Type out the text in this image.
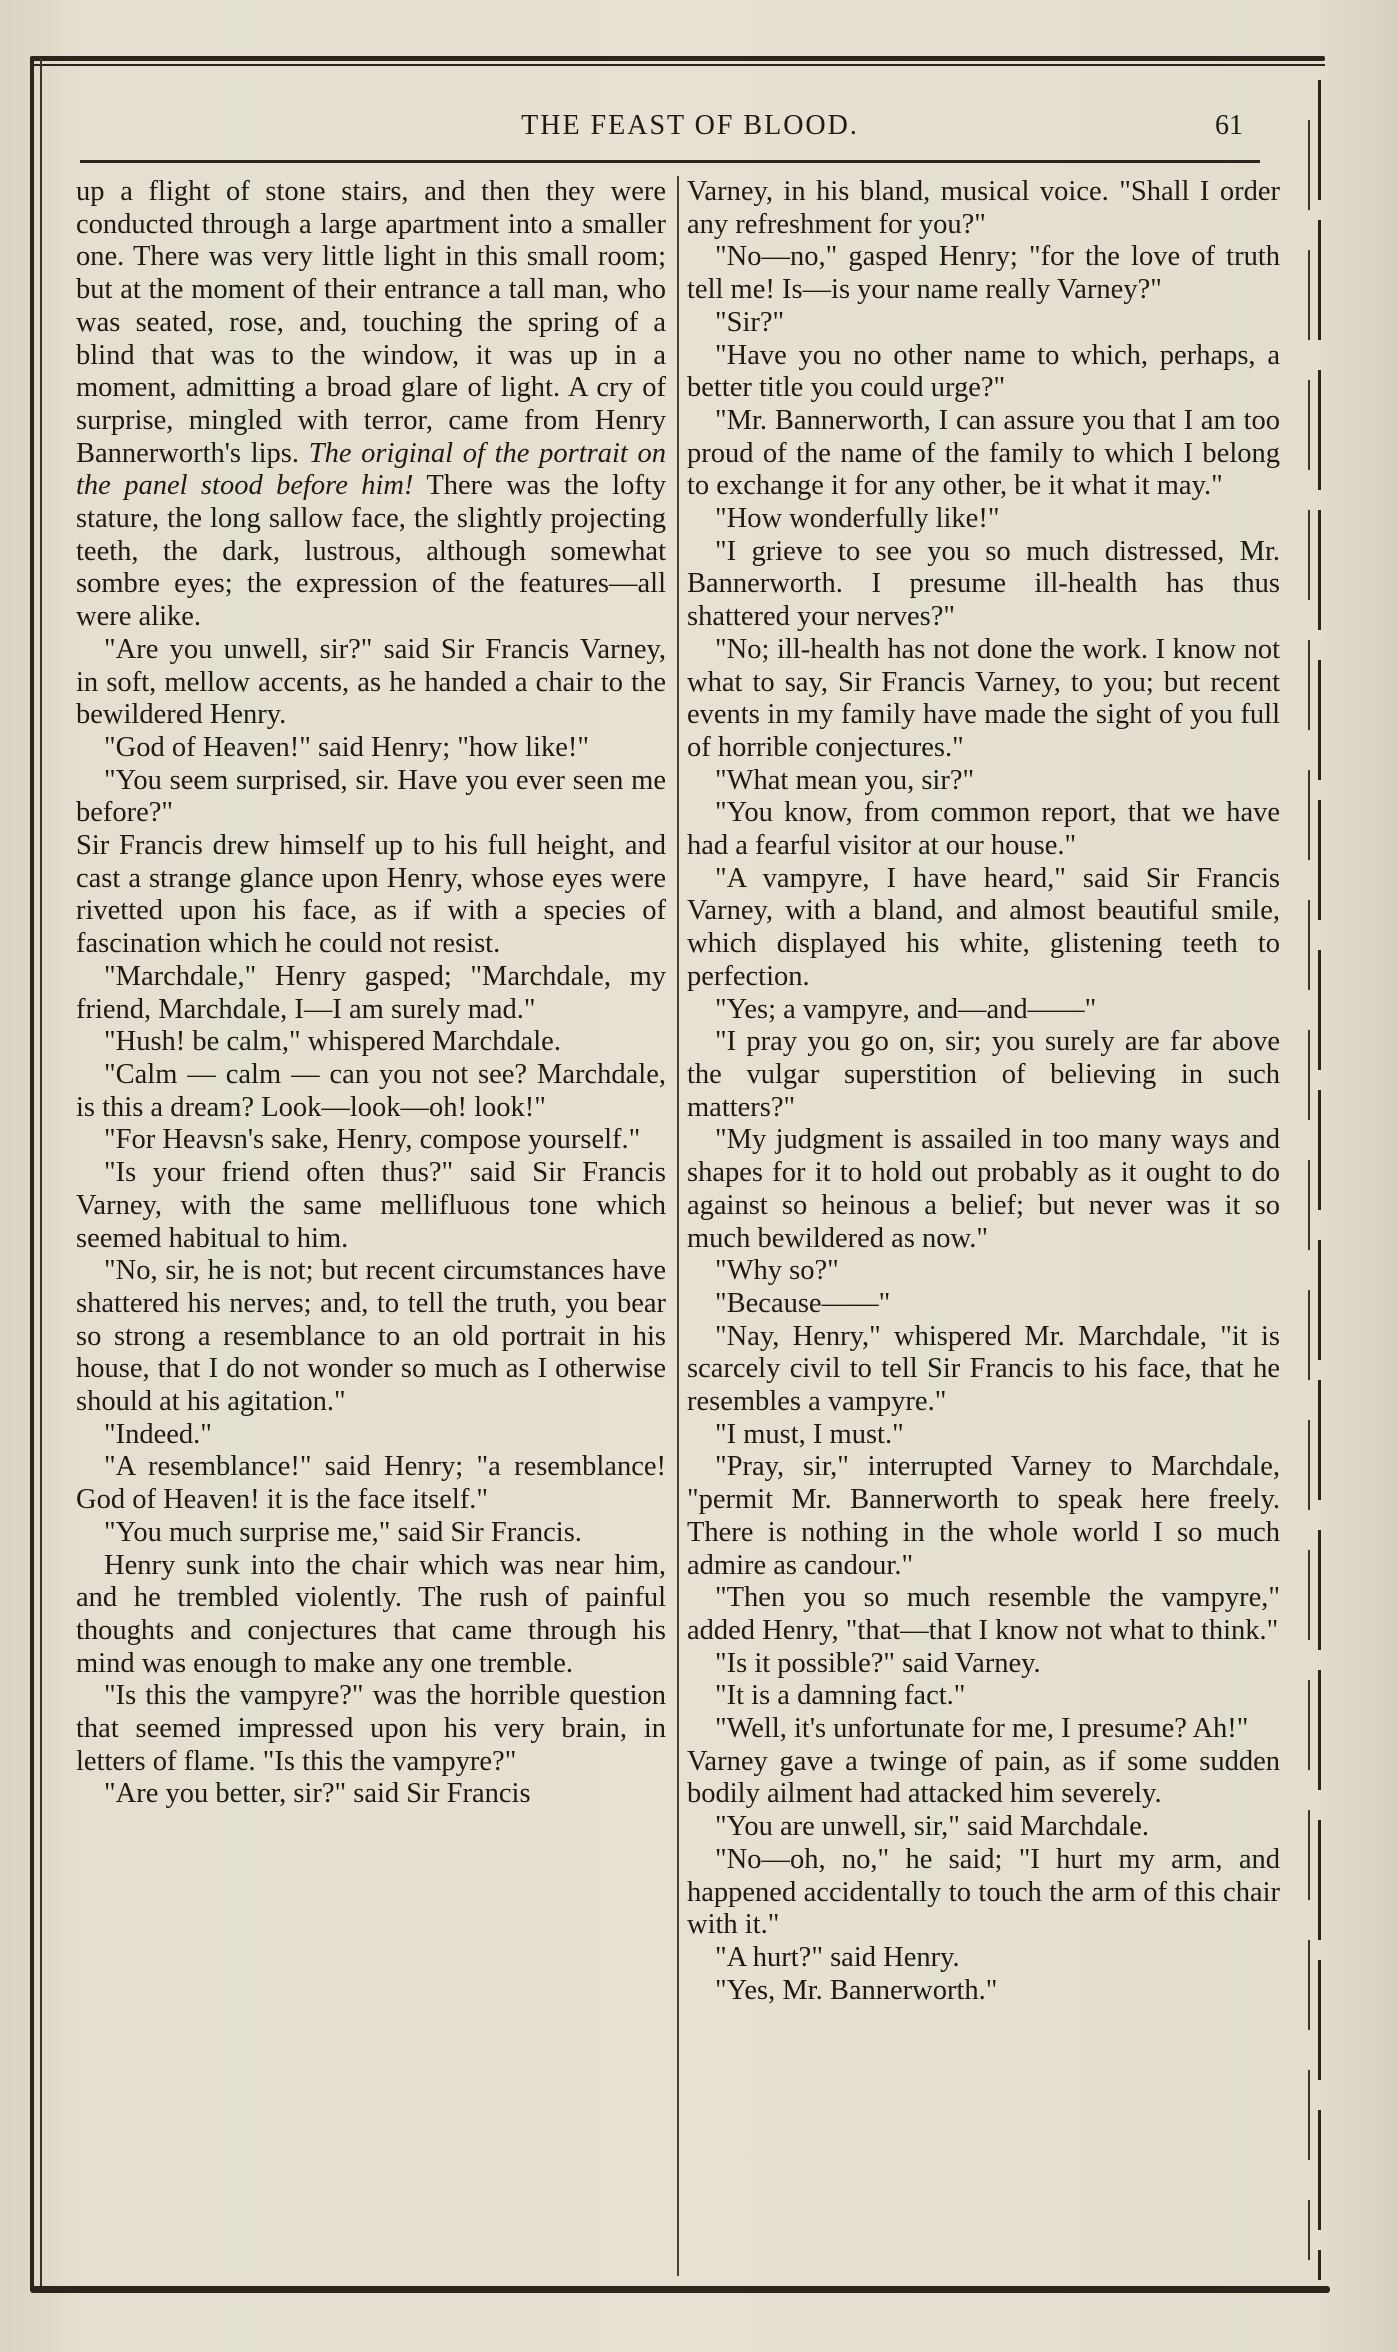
THE FEAST OF BLOOD.	61

up a flight of stone stairs, and then they were conducted through a large apartment into a smaller one. There was very little light in this small room; but at the moment of their entrance a tall man, who was seated, rose, and, touching the spring of a blind that was to the window, it was up in a moment, admitting a broad glare of light. A cry of surprise, mingled with terror, came from Henry Bannerworth's lips. The original of the portrait on the panel stood before him! There was the lofty stature, the long sallow face, the slightly projecting teeth, the dark, lustrous, although somewhat sombre eyes; the expression of the features—all were alike.

"Are you unwell, sir?" said Sir Francis Varney, in soft, mellow accents, as he handed a chair to the bewildered Henry.

"God of Heaven!" said Henry; "how like!"

"You seem surprised, sir. Have you ever seen me before?"

Sir Francis drew himself up to his full height, and cast a strange glance upon Henry, whose eyes were rivetted upon his face, as if with a species of fascination which he could not resist.

"Marchdale," Henry gasped; "Marchdale, my friend, Marchdale, I—I am surely mad."

"Hush! be calm," whispered Marchdale.

"Calm — calm — can you not see? Marchdale, is this a dream? Look—look—oh! look!"

"For Heavsn's sake, Henry, compose yourself."

"Is your friend often thus?" said Sir Francis Varney, with the same mellifluous tone which seemed habitual to him.

"No, sir, he is not; but recent circumstances have shattered his nerves; and, to tell the truth, you bear so strong a resemblance to an old portrait in his house, that I do not wonder so much as I otherwise should at his agitation."

"Indeed."

"A resemblance!" said Henry; "a resemblance! God of Heaven! it is the face itself."

"You much surprise me," said Sir Francis.

Henry sunk into the chair which was near him, and he trembled violently. The rush of painful thoughts and conjectures that came through his mind was enough to make any one tremble.

"Is this the vampyre?" was the horrible question that seemed impressed upon his very brain, in letters of flame. "Is this the vampyre?"

"Are you better, sir?" said Sir Francis

Varney, in his bland, musical voice. "Shall I order any refreshment for you?"

"No—no," gasped Henry; "for the love of truth tell me! Is—is your name really Varney?"

"Sir?"

"Have you no other name to which, perhaps, a better title you could urge?"

"Mr. Bannerworth, I can assure you that I am too proud of the name of the family to which I belong to exchange it for any other, be it what it may."

"How wonderfully like!"

"I grieve to see you so much distressed, Mr. Bannerworth. I presume ill-health has thus shattered your nerves?"

"No; ill-health has not done the work. I know not what to say, Sir Francis Varney, to you; but recent events in my family have made the sight of you full of horrible conjectures."

"What mean you, sir?"

"You know, from common report, that we have had a fearful visitor at our house."

"A vampyre, I have heard," said Sir Francis Varney, with a bland, and almost beautiful smile, which displayed his white, glistening teeth to perfection.

"Yes; a vampyre, and—and——"

"I pray you go on, sir; you surely are far above the vulgar superstition of believing in such matters?"

"My judgment is assailed in too many ways and shapes for it to hold out probably as it ought to do against so heinous a belief; but never was it so much bewildered as now."

"Why so?"

"Because——"

"Nay, Henry," whispered Mr. Marchdale, "it is scarcely civil to tell Sir Francis to his face, that he resembles a vampyre."

"I must, I must."

"Pray, sir," interrupted Varney to Marchdale, "permit Mr. Bannerworth to speak here freely. There is nothing in the whole world I so much admire as candour."

"Then you so much resemble the vampyre," added Henry, "that—that I know not what to think."

"Is it possible?" said Varney.

"It is a damning fact."

"Well, it's unfortunate for me, I presume? Ah!"

Varney gave a twinge of pain, as if some sudden bodily ailment had attacked him severely.

"You are unwell, sir," said Marchdale.

"No—oh, no," he said; "I hurt my arm, and happened accidentally to touch the arm of this chair with it."

"A hurt?" said Henry.

"Yes, Mr. Bannerworth."
